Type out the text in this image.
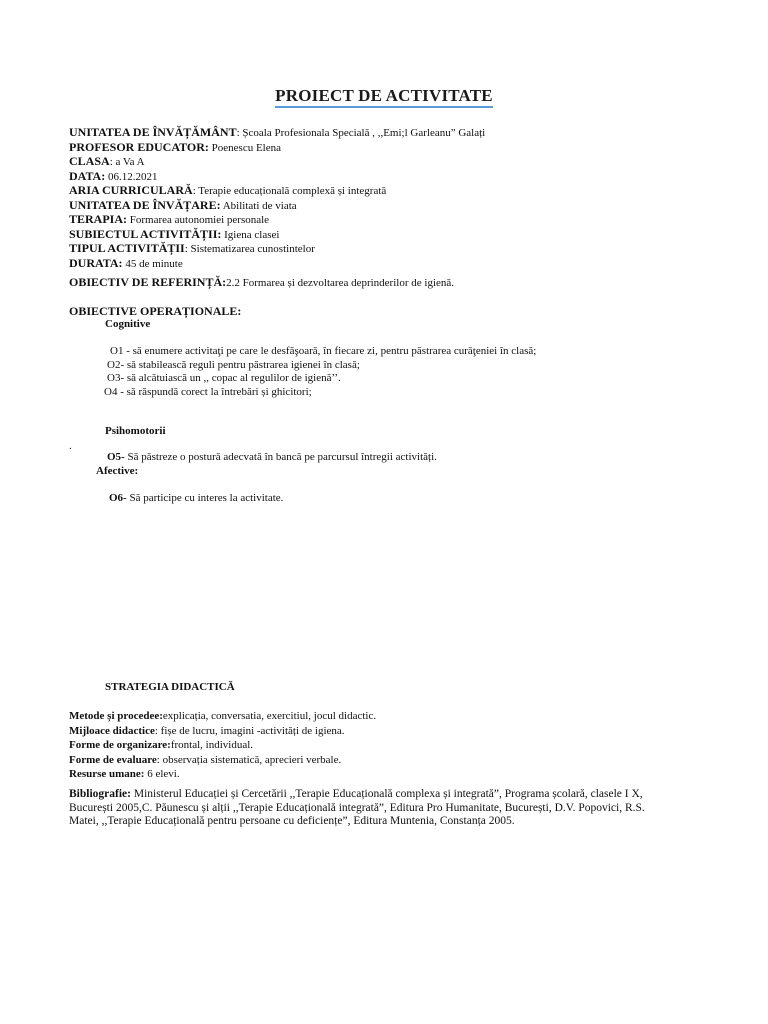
PROIECT DE ACTIVITATE
UNITATEA DE ÎNVĂȚĂMÂNT: Școala Profesionala Specială , ,,Emi;l Garleanu” Galați
PROFESOR EDUCATOR: Poenescu Elena
CLASA: a Va A
DATA: 06.12.2021
ARIA CURRICULARĂ: Terapie educațională complexă și integrată
UNITATEA DE ÎNVĂȚARE: Abilitati de viata
TERAPIA: Formarea autonomiei personale
SUBIECTUL ACTIVITĂȚII: Igiena clasei
TIPUL ACTIVITĂȚII: Sistematizarea cunostintelor
DURATA: 45 de minute
OBIECTIV DE REFERINȚĂ:2.2 Formarea și dezvoltarea deprinderilor de igienă.
OBIECTIVE OPERAȚIONALE:
Cognitive
O1 - să enumere activitaţi pe care le desfăşoară, în fiecare zi, pentru păstrarea curăţeniei în clasă;
O2- să stabilească reguli pentru păstrarea igienei în clasă;
O3- să alcătuiască un ,, copac al regulilor de igienă’’.
O4 - să răspundă corect la întrebări și ghicitori;
Psihomotorii
.
O5- Să păstreze o postură adecvată în bancă pe parcursul întregii activități.
Afective:
O6- Să participe cu interes la activitate.
STRATEGIA DIDACTICĂ
Metode și procedee:explicația, conversatia, exercitiul, jocul didactic.
Mijloace didactice: fișe de lucru, imagini -activități de igiena.
Forme de organizare:frontal, individual.
Forme de evaluare: observația sistematică, aprecieri verbale.
Resurse umane: 6 elevi.
Bibliografie: Ministerul Educației și Cercetării ,,Terapie Educațională complexa și integrată”, Programa școlară, clasele I X, București 2005,C. Păunescu și alții ,,Terapie Educațională integrată”, Editura Pro Humanitate, București, D.V. Popovici, R.S. Matei, ,,Terapie Educațională pentru persoane cu deficiențe”, Editura Muntenia, Constanța 2005.
